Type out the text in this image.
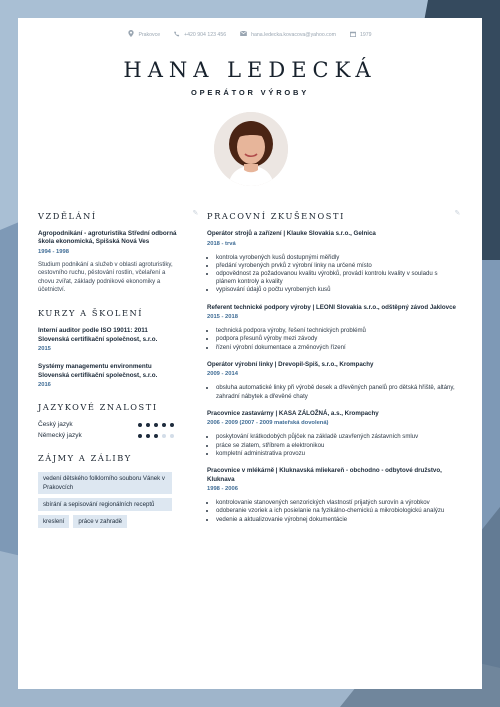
Prakovce	+420 904 123 456	hana.ledecka.kovacova@yahoo.com	1979
HANA LEDECKÁ
OPERÁTOR VÝROBY
VZDĚLÁNÍ	✎
Agropodnikání - agroturistika Střední odborná škola ekonomická, Spišská Nová Ves
1994 - 1998
Studium podnikání a služeb v oblasti agroturistiky, cestovního ruchu, pěstování rostlin, včelaření a chovu zvířat, základy podnikové ekonomiky a účetnictví.
KURZY A ŠKOLENÍ
Interní auditor podle ISO 19011: 2011 Slovenská certifikační společnost, s.r.o.
2015
Systémy managementu environmentu Slovenská certifikační společnost, s.r.o.
2016
JAZYKOVÉ ZNALOSTI
Český jazyk
Německý jazyk
ZÁJMY A ZÁLIBY
vedení dětského folklorního souboru Vánek v Prakovcích
sbírání a sepisování regionálních receptů
kreslení	práce v zahradě
PRACOVNÍ ZKUŠENOSTI	✎
Operátor strojů a zařízení | Klauke Slovakia s.r.o., Gelnica
2018 - trvá
• kontrola vyrobených kusů dostupnými měřidly
• předání vyrobených prvků z výrobní linky na určené místo
• odpovědnost za požadovanou kvalitu výrobků, provádí kontrolu kvality v souladu s plánem kontroly a kvality
• vypisování údajů o počtu vyrobených kusů
Referent technické podpory výroby | LEONI Slovakia s.r.o., odštěpný závod Jaklovce
2015 - 2018
• technická podpora výroby, řešení technických problémů
• podpora přesunů výroby mezi závody
• řízení výrobní dokumentace a změnových řízení
Operátor výrobní linky | Drevopil-Spiš, s.r.o., Krompachy
2009 - 2014
• obsluha automatické linky při výrobě desek a dřevěných panelů pro dětská hřiště, altány, zahradní nábytek a dřevěné chaty
Pracovnice zastavárny | KASA ZÁLOŽNÁ, a.s., Krompachy
2006 - 2009 (2007 - 2009 mateřská dovolená)
• poskytování krátkodobých půjček na základě uzavřených zástavních smluv
• práce se zlatem, stříbrem a elektronikou
• kompletní administrativa provozu
Pracovnice v mlékárně | Kluknavská mliekareň - obchodno - odbytové družstvo, Kluknava
1998 - 2006
• kontrolovanie stanovených senzorických vlastností prijatých surovín a výrobkov
• odoberanie vzoriek a ich posielanie na fyzikálno-chemickú a mikrobiologickú analýzu
• vedenie a aktualizovanie výrobnej dokumentácie
